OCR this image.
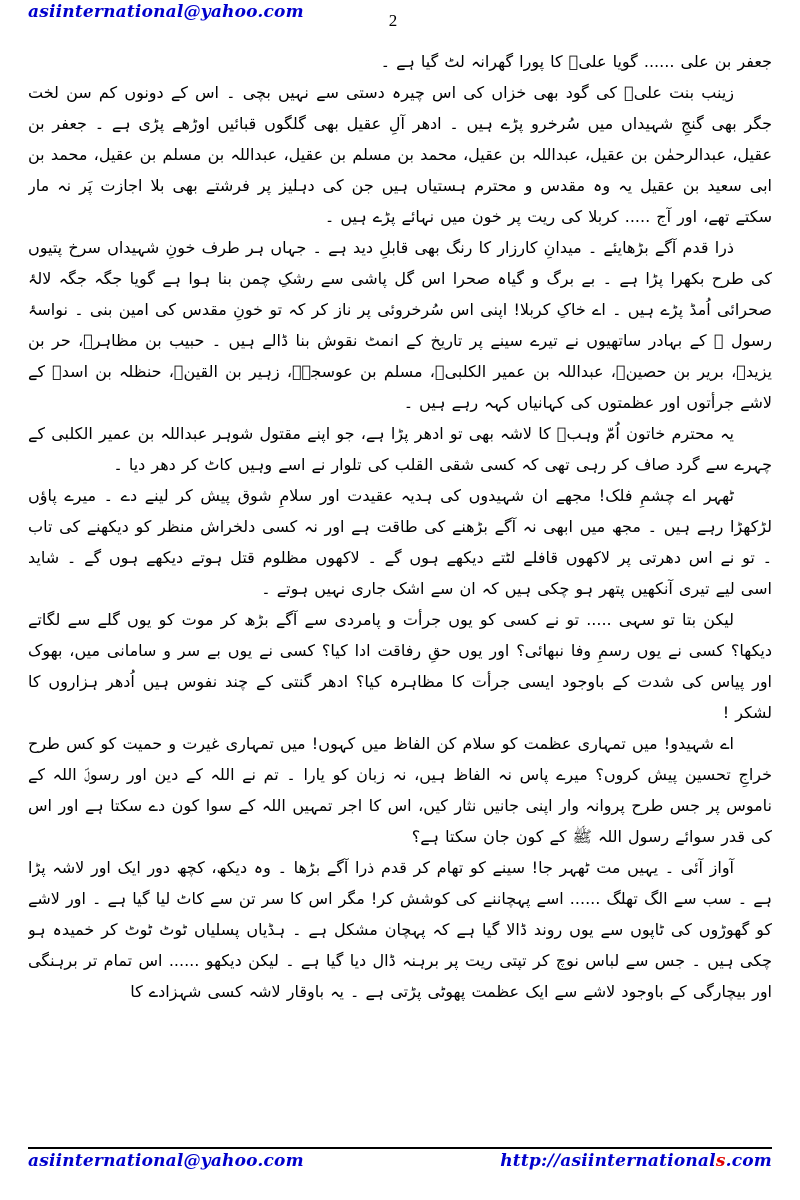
asiinternational@yahoo.com	2

جعفر بن علی ...... گویا علیؑ کا پورا گھرانہ لٹ گیا ہے ۔

زینب بنت علیؑ کی گود بھی خزاں کی اس چیرہ دستی سے نہیں بچی ۔ اس کے دونوں کم سن لخت جگر بھی گنجِ شہیداں میں سُرخرو پڑے ہیں ۔ ادھر آلِ عقیل بھی گلگوں قبائیں اوڑھے پڑی ہے ۔ جعفر بن عقیل، عبدالرحمٰن بن عقیل، عبداللہ بن عقیل، محمد بن مسلم بن عقیل، عبداللہ بن مسلم بن عقیل، محمد بن ابی سعید بن عقیل یہ وہ مقدس و محترم ہستیاں ہیں جن کی دہلیز پر فرشتے بھی بلا اجازت پَر نہ مار سکتے تھے، اور آج ..... کربلا کی ریت پر خون میں نہائے پڑے ہیں ۔

ذرا قدم آگے بڑھایئے ۔ میدانِ کارزار کا رنگ بھی قابلِ دید ہے ۔ جہاں ہر طرف خونِ شہیداں سرخ پتیوں کی طرح بکھرا پڑا ہے ۔ بے برگ و گیاہ صحرا اس گل پاشی سے رشکِ چمن بنا ہوا ہے گویا جگہ جگہ لالۂ صحرائی اُمڈ پڑے ہیں ۔ اے خاکِ کربلا! اپنی اس سُرخروئی پر ناز کر کہ تو خونِ مقدس کی امین بنی ۔ نواسۂ رسول ﷺ کے بہادر ساتھیوں نے تیرے سینے پر تاریخ کے انمٹ نقوش بنا ڈالے ہیں ۔ حبیب بن مظاہرؓ، حر بن یزیدؓ، بریر بن حصینؓ، عبداللہ بن عمیر الکلبیؓ، مسلم بن عوسجہؓ، زہیر بن القینؓ، حنظلہ بن اسدؓ کے لاشے جرأتوں اور عظمتوں کی کہانیاں کہہ رہے ہیں ۔

یہ محترم خاتون اُمّ وہبؓ کا لاشہ بھی تو ادھر پڑا ہے، جو اپنے مقتول شوہر عبداللہ بن عمیر الکلبی کے چہرے سے گرد صاف کر رہی تھی کہ کسی شقی القلب کی تلوار نے اسے وہیں کاٹ کر دھر دیا ۔

ٹھہر اے چشمِ فلک! مجھے ان شہیدوں کی ہدیہ عقیدت اور سلامِ شوق پیش کر لینے دے ۔ میرے پاؤں لڑکھڑا رہے ہیں ۔ مجھ میں ابھی نہ آگے بڑھنے کی طاقت ہے اور نہ کسی دلخراش منظر کو دیکھنے کی تاب ۔ تو نے اس دھرتی پر لاکھوں قافلے لٹتے دیکھے ہوں گے ۔ لاکھوں مظلوم قتل ہوتے دیکھے ہوں گے ۔ شاید اسی لیے تیری آنکھیں پتھر ہو چکی ہیں کہ ان سے اشک جاری نہیں ہوتے ۔

لیکن بتا تو سہی ..... تو نے کسی کو یوں جرأت و پامردی سے آگے بڑھ کر موت کو یوں گلے سے لگاتے دیکھا؟ کسی نے یوں رسمِ وفا نبھائی؟ اور یوں حقِ رفاقت ادا کیا؟ کسی نے یوں بے سر و سامانی میں، بھوک اور پیاس کی شدت کے باوجود ایسی جرأت کا مظاہرہ کیا؟ ادھر گنتی کے چند نفوس ہیں اُدھر ہزاروں کا لشکر !

اے شہیدو! میں تمہاری عظمت کو سلام کن الفاظ میں کہوں! میں تمہاری غیرت و حمیت کو کس طرح خراجِ تحسین پیش کروں؟ میرے پاس نہ الفاظ ہیں، نہ زبان کو یارا ۔ تم نے اللہ کے دین اور رسولؐ اللہ کے ناموس پر جس طرح پروانہ وار اپنی جانیں نثار کیں، اس کا اجر تمہیں اللہ کے سوا کون دے سکتا ہے اور اس کی قدر سوائے رسول اللہ ﷺ کے کون جان سکتا ہے؟

آواز آئی ۔ یہیں مت ٹھہر جا! سینے کو تھام کر قدم ذرا آگے بڑھا ۔ وہ دیکھ، کچھ دور ایک اور لاشہ پڑا ہے ۔ سب سے الگ تھلگ ...... اسے پہچاننے کی کوشش کر! مگر اس کا سر تن سے کاٹ لیا گیا ہے ۔ اور لاشے کو گھوڑوں کی ٹاپوں سے یوں روند ڈالا گیا ہے کہ پہچان مشکل ہے ۔ ہڈیاں پسلیاں ٹوٹ ٹوٹ کر خمیدہ ہو چکی ہیں ۔ جس سے لباس نوچ کر تپتی ریت پر برہنہ ڈال دیا گیا ہے ۔ لیکن دیکھو ...... اس تمام تر برہنگی اور بیچارگی کے باوجود لاشے سے ایک عظمت پھوٹی پڑتی ہے ۔ یہ باوقار لاشہ کسی شہزادے کا

asiinternational@yahoo.com	http://asiinternationals.com
